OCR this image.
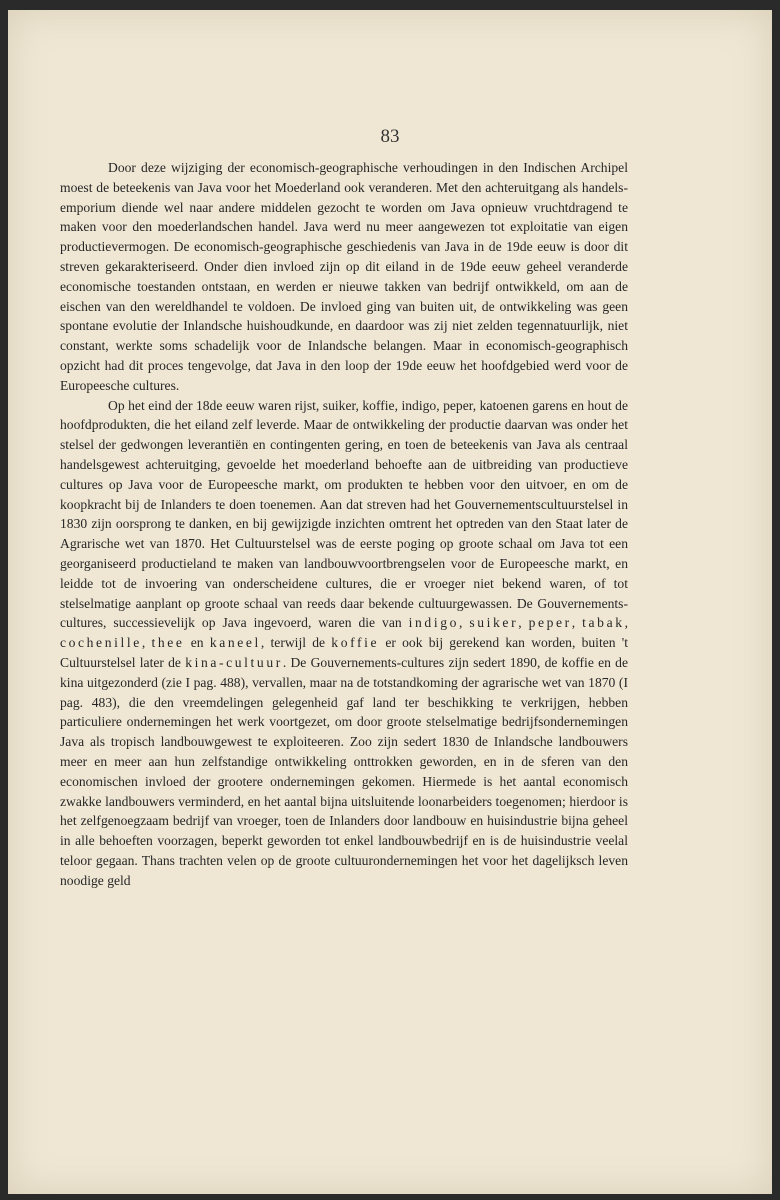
83

Door deze wijziging der economisch-geographische verhoudingen in den Indischen Archipel moest de beteekenis van Java voor het Moederland ook veranderen. Met den achteruitgang als handels-emporium diende wel naar andere middelen gezocht te worden om Java opnieuw vruchtdragend te maken voor den moederlandschen handel. Java werd nu meer aangewezen tot exploitatie van eigen productievermogen. De economisch-geographische geschiedenis van Java in de 19de eeuw is door dit streven gekarakteriseerd. Onder dien invloed zijn op dit eiland in de 19de eeuw geheel veranderde economische toestanden ontstaan, en werden er nieuwe takken van bedrijf ontwikkeld, om aan de eischen van den wereldhandel te voldoen. De invloed ging van buiten uit, de ontwikkeling was geen spontane evolutie der Inlandsche huishoudkunde, en daardoor was zij niet zelden tegennatuurlijk, niet constant, werkte soms schadelijk voor de Inlandsche belangen. Maar in economisch-geographisch opzicht had dit proces tengevolge, dat Java in den loop der 19de eeuw het hoofdgebied werd voor de Europeesche cultures.

Op het eind der 18de eeuw waren rijst, suiker, koffie, indigo, peper, katoenen garens en hout de hoofdprodukten, die het eiland zelf leverde. Maar de ontwikkeling der productie daarvan was onder het stelsel der gedwongen leverantiën en contingenten gering, en toen de beteekenis van Java als centraal handelsgewest achteruitging, gevoelde het moederland behoefte aan de uitbreiding van productieve cultures op Java voor de Europeesche markt, om produkten te hebben voor den uitvoer, en om de koopkracht bij de Inlanders te doen toenemen. Aan dat streven had het Gouvernementscultuurstelsel in 1830 zijn oorsprong te danken, en bij gewijzigde inzichten omtrent het optreden van den Staat later de Agrarische wet van 1870. Het Cultuurstelsel was de eerste poging op groote schaal om Java tot een georganiseerd productieland te maken van landbouwvoortbrengselen voor de Europeesche markt, en leidde tot de invoering van onderscheidene cultures, die er vroeger niet bekend waren, of tot stelselmatige aanplant op groote schaal van reeds daar bekende cultuurgewassen. De Gouvernements-cultures, successievelijk op Java ingevoerd, waren die van indigo, suiker, peper, tabak, cochenille, thee en kaneel, terwijl de koffie er ook bij gerekend kan worden, buiten 't Cultuurstelsel later de kina-cultuur. De Gouvernements-cultures zijn sedert 1890, de koffie en de kina uitgezonderd (zie I pag. 488), vervallen, maar na de totstandkoming der agrarische wet van 1870 (I pag. 483), die den vreemdelingen gelegenheid gaf land ter beschikking te verkrijgen, hebben particuliere ondernemingen het werk voortgezet, om door groote stelselmatige bedrijfsondernemingen Java als tropisch landbouwgewest te exploiteeren. Zoo zijn sedert 1830 de Inlandsche landbouwers meer en meer aan hun zelfstandige ontwikkeling onttrokken geworden, en in de sferen van den economischen invloed der grootere ondernemingen gekomen. Hiermede is het aantal economisch zwakke landbouwers verminderd, en het aantal bijna uitsluitende loonarbeiders toegenomen; hierdoor is het zelfgenoegzaam bedrijf van vroeger, toen de Inlanders door landbouw en huisindustrie bijna geheel in alle behoeften voorzagen, beperkt geworden tot enkel landbouwbedrijf en is de huisindustrie veelal teloor gegaan. Thans trachten velen op de groote cultuurondernemingen het voor het dagelijksch leven noodige geld
